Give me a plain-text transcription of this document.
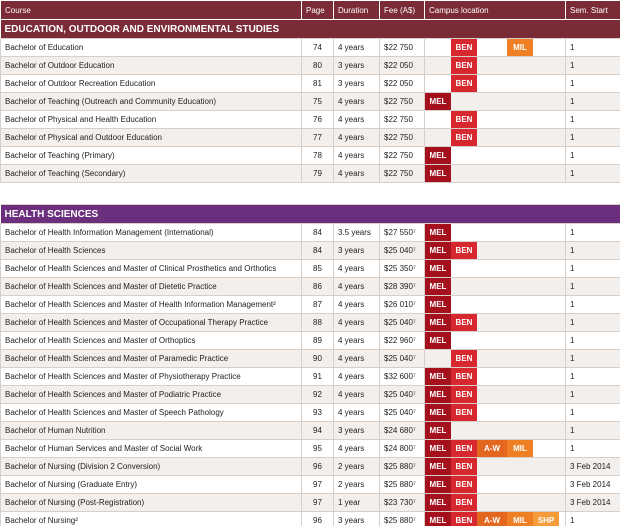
Course	Page	Duration	Fee (A$)	Campus location	Sem. Start
EDUCATION, OUTDOOR AND ENVIRONMENTAL STUDIES					
Bachelor of Education	74	4 years	$22 750	BEN MIL	1
Bachelor of Outdoor Education	80	3 years	$22 050	BEN	1
Bachelor of Outdoor Recreation Education	81	3 years	$22 050	BEN	1
Bachelor of Teaching (Outreach and Community Education)	75	4 years	$22 750	MEL	1
Bachelor of Physical and Health Education	76	4 years	$22 750	BEN	1
Bachelor of Physical and Outdoor Education	77	4 years	$22 750	BEN	1
Bachelor of Teaching (Primary)	78	4 years	$22 750	MEL	1
Bachelor of Teaching (Secondary)	79	4 years	$22 750	MEL	1

HEALTH SCIENCES					
Bachelor of Health Information Management (International)	84	3.5 years	$27 550⁷	MEL	1
Bachelor of Health Sciences	84	3 years	$25 040⁷	MEL BEN	1
Bachelor of Health Sciences and Master of Clinical Prosthetics and Orthotics	85	4 years	$25 350⁷	MEL	1
Bachelor of Health Sciences and Master of Dietetic Practice	86	4 years	$28 390⁷	MEL	1
Bachelor of Health Sciences and Master of Health Information Management²	87	4 years	$26 010⁷	MEL	1
Bachelor of Health Sciences and Master of Occupational Therapy Practice	88	4 years	$25 040⁷	MEL BEN	1
Bachelor of Health Sciences and Master of Orthoptics	89	4 years	$22 960⁷	MEL	1
Bachelor of Health Sciences and Master of Paramedic Practice	90	4 years	$25 040⁷	BEN	1
Bachelor of Health Sciences and Master of Physiotherapy Practice	91	4 years	$32 600⁷	MEL BEN	1
Bachelor of Health Sciences and Master of Podiatric Practice	92	4 years	$25 040⁷	MEL BEN	1
Bachelor of Health Sciences and Master of Speech Pathology	93	4 years	$25 040⁷	MEL BEN	1
Bachelor of Human Nutrition	94	3 years	$24 680⁷	MEL	1
Bachelor of Human Services and Master of Social Work	95	4 years	$24 800⁷	MEL BEN A-W MIL	1
Bachelor of Nursing (Division 2 Conversion)	96	2 years	$25 880⁷	MEL BEN	3 Feb 2014
Bachelor of Nursing (Graduate Entry)	97	2 years	$25 880⁷	MEL BEN	3 Feb 2014
Bachelor of Nursing (Post-Registration)	97	1 year	$23 730⁷	MEL BEN	3 Feb 2014
Bachelor of Nursing²	96	3 years	$25 880⁷	MEL BEN A-W MIL SHP	1
